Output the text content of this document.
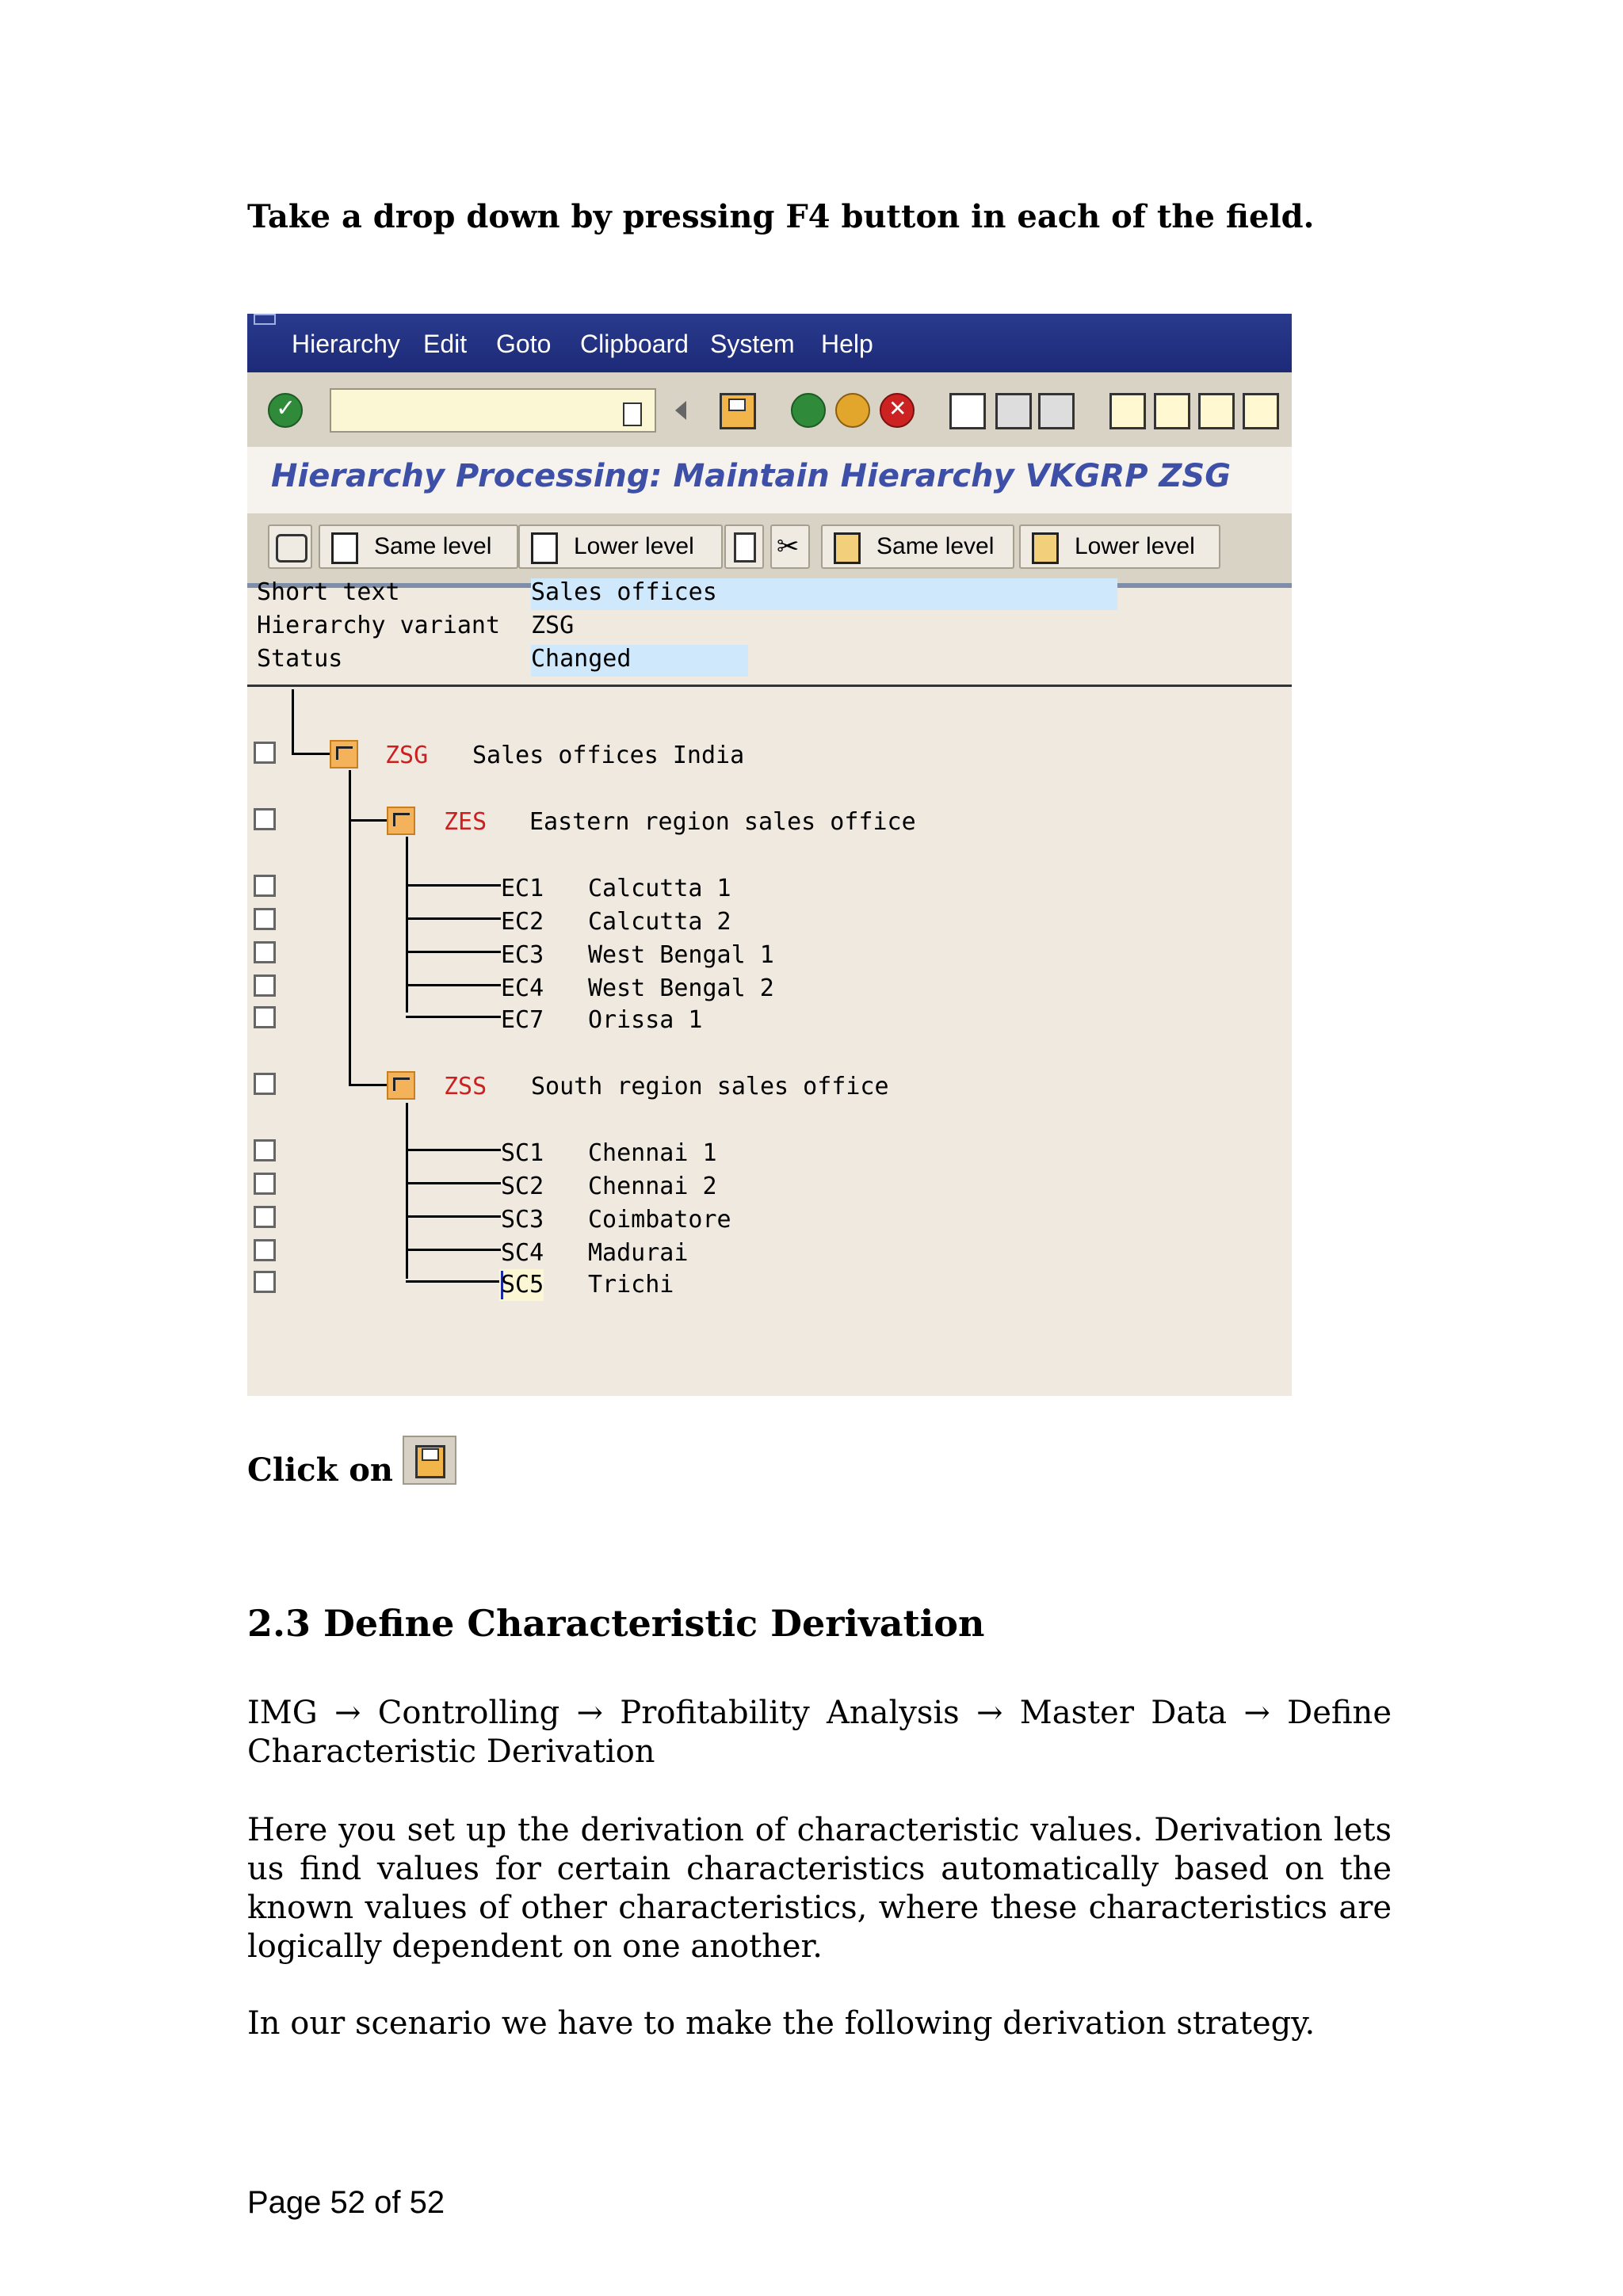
Take a drop down by pressing F4 button in each of the field.
Hierarchy Edit Goto Clipboard System Help
✓	✕
Hierarchy Processing: Maintain Hierarchy VKGRP ZSG
Same level	Lower level	✂	Same level	Lower level
Short text	Sales offices
Hierarchy variant ZSG
Status	Changed
ZSG Sales offices India
ZES Eastern region sales office
EC1 Calcutta 1
EC2 Calcutta 2
EC3 West Bengal 1
EC4 West Bengal 2
EC7 Orissa 1
ZSS South region sales office
SC1 Chennai 1
SC2 Chennai 2
SC3 Coimbatore
SC4 Madurai
SC5 Trichi
Click on
2.3 Define Characteristic Derivation
IMG → Controlling → Profitability Analysis → Master Data → Define Characteristic Derivation
Here you set up the derivation of characteristic values. Derivation lets us find values for certain characteristics automatically based on the known values of other characteristics, where these characteristics are logically dependent on one another.
In our scenario we have to make the following derivation strategy.
Page 52 of 52
